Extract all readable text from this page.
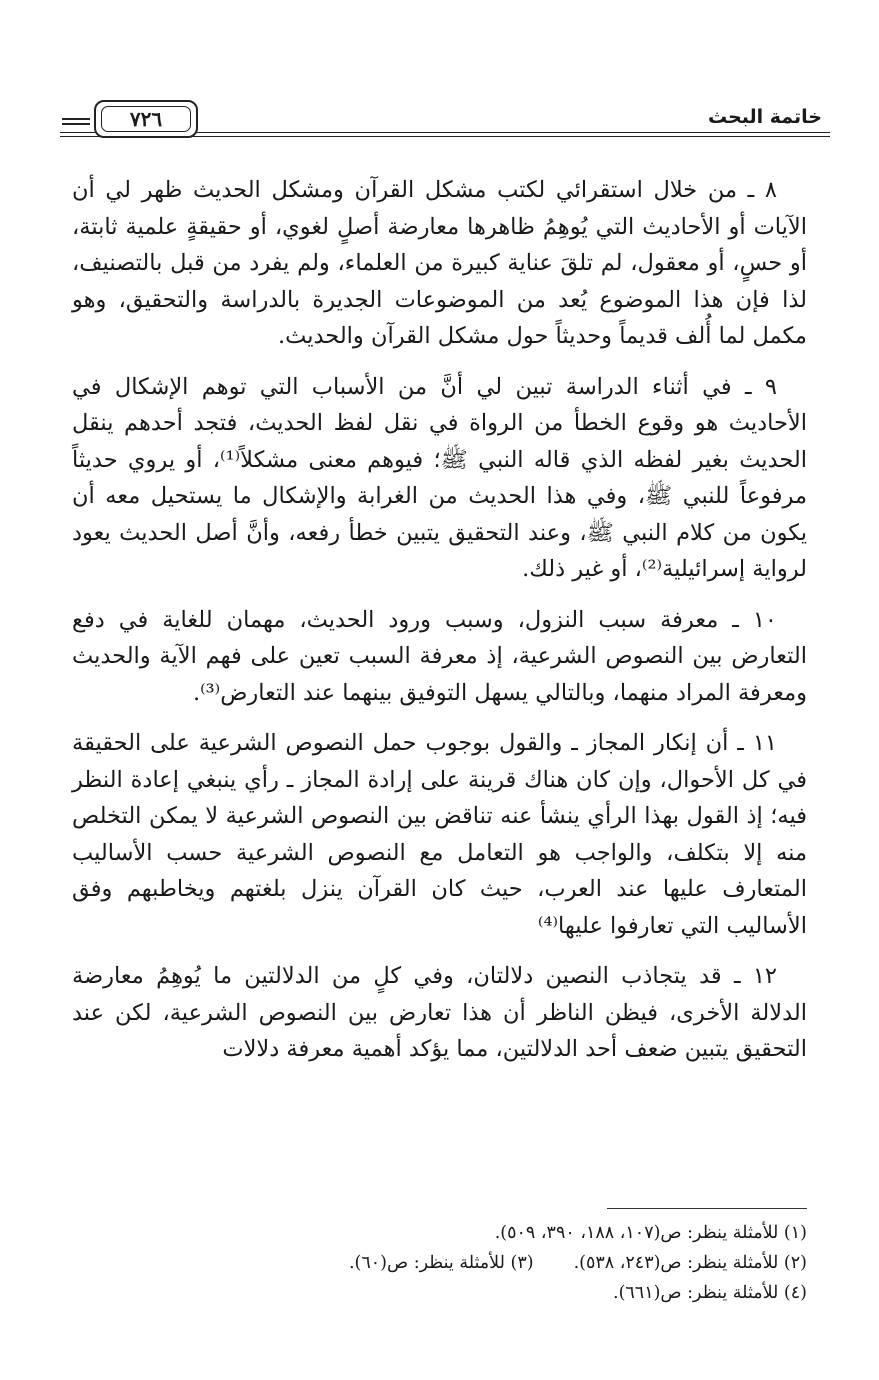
خاتمة البحث
٧٢٦

٨ ـ من خلال استقرائي لكتب مشكل القرآن ومشكل الحديث ظهر لي أن الآيات أو الأحاديث التي يُوهِمُ ظاهرها معارضة أصلٍ لغوي، أو حقيقةٍ علمية ثابتة، أو حسٍ، أو معقول، لم تلقَ عناية كبيرة من العلماء، ولم يفرد من قبل بالتصنيف، لذا فإن هذا الموضوع يُعد من الموضوعات الجديرة بالدراسة والتحقيق، وهو مكمل لما أُلف قديماً وحديثاً حول مشكل القرآن والحديث.

٩ ـ في أثناء الدراسة تبين لي أنَّ من الأسباب التي توهم الإشكال في الأحاديث هو وقوع الخطأ من الرواة في نقل لفظ الحديث، فتجد أحدهم ينقل الحديث بغير لفظه الذي قاله النبي ﷺ؛ فيوهم معنى مشكلاً⁽¹⁾، أو يروي حديثاً مرفوعاً للنبي ﷺ، وفي هذا الحديث من الغرابة والإشكال ما يستحيل معه أن يكون من كلام النبي ﷺ، وعند التحقيق يتبين خطأ رفعه، وأنَّ أصل الحديث يعود لرواية إسرائيلية⁽²⁾، أو غير ذلك.

١٠ ـ معرفة سبب النزول، وسبب ورود الحديث، مهمان للغاية في دفع التعارض بين النصوص الشرعية، إذ معرفة السبب تعين على فهم الآية والحديث ومعرفة المراد منهما، وبالتالي يسهل التوفيق بينهما عند التعارض⁽³⁾.

١١ ـ أن إنكار المجاز ـ والقول بوجوب حمل النصوص الشرعية على الحقيقة في كل الأحوال، وإن كان هناك قرينة على إرادة المجاز ـ رأي ينبغي إعادة النظر فيه؛ إذ القول بهذا الرأي ينشأ عنه تناقض بين النصوص الشرعية لا يمكن التخلص منه إلا بتكلف، والواجب هو التعامل مع النصوص الشرعية حسب الأساليب المتعارف عليها عند العرب، حيث كان القرآن ينزل بلغتهم ويخاطبهم وفق الأساليب التي تعارفوا عليها⁽⁴⁾

١٢ ـ قد يتجاذب النصين دلالتان، وفي كلٍ من الدلالتين ما يُوهِمُ معارضة الدلالة الأخرى، فيظن الناظر أن هذا تعارض بين النصوص الشرعية، لكن عند التحقيق يتبين ضعف أحد الدلالتين، مما يؤكد أهمية معرفة دلالات

(١) للأمثلة ينظر: ص(١٠٧، ١٨٨، ٣٩٠، ٥٠٩).

(٢) للأمثلة ينظر: ص(٢٤٣، ٥٣٨).

(٣) للأمثلة ينظر: ص(٦٠).

(٤) للأمثلة ينظر: ص(٦٦١).
